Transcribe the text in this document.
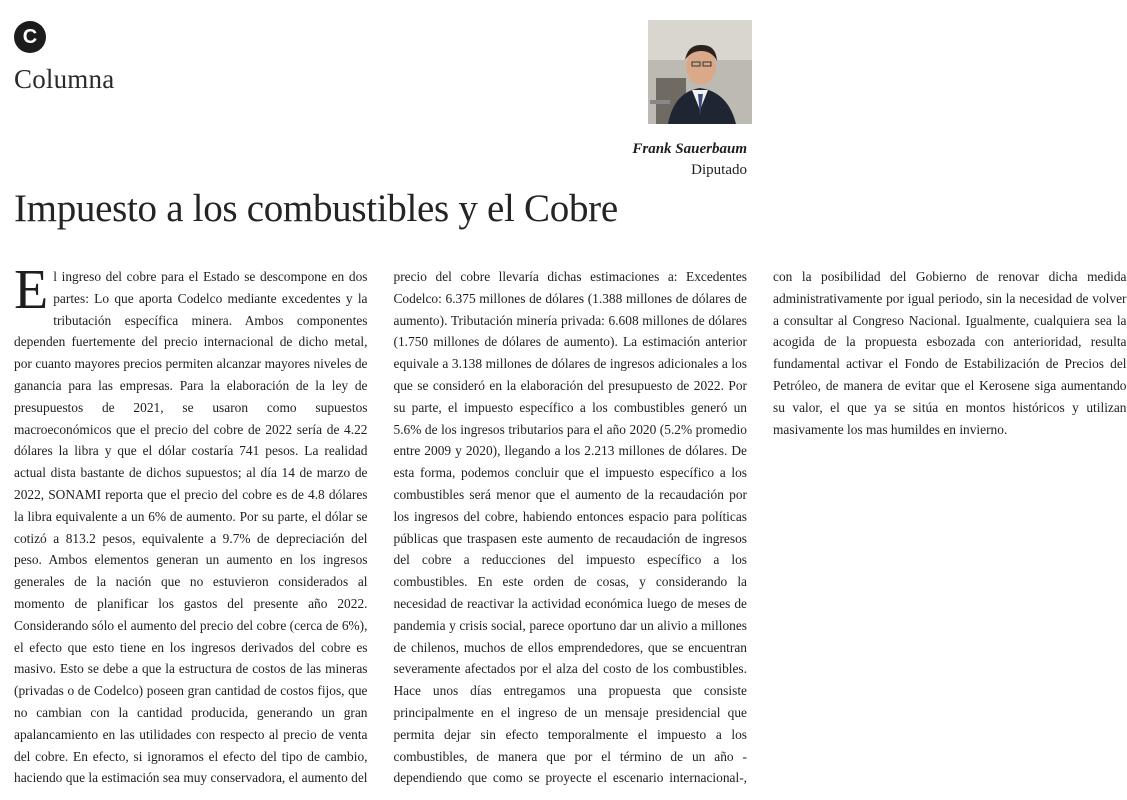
C
Columna
Frank Sauerbaum
Diputado
Impuesto a los combustibles y el Cobre

El ingreso del cobre para el Estado se descompone en dos partes: Lo que aporta Codelco mediante excedentes y la tributación específica minera. Ambos componentes dependen fuertemente del precio internacional de dicho metal, por cuanto mayores precios permiten alcanzar mayores niveles de ganancia para las empresas. Para la elaboración de la ley de presupuestos de 2021, se usaron como supuestos macroeconómicos que el precio del cobre de 2022 sería de 4.22 dólares la libra y que el dólar costaría 741 pesos. La realidad actual dista bastante de dichos supuestos; al día 14 de marzo de 2022, SONAMI reporta que el precio del cobre es de 4.8 dólares la libra equivalente a un 6% de aumento. Por su parte, el dólar se cotizó a 813.2 pesos, equivalente a 9.7% de depreciación del peso. Ambos elementos generan un aumento en los ingresos generales de la nación que no estuvieron considerados al momento de planificar los gastos del presente año 2022. Considerando sólo el aumento del precio del cobre (cerca de 6%), el efecto que esto tiene en los ingresos derivados del cobre es masivo. Esto se debe a que la estructura de costos de las mineras (privadas o de Codelco) poseen gran cantidad de costos fijos, que no cambian con la cantidad producida, generando un gran apalancamiento en las utilidades con respecto al precio de venta del cobre. En efecto, si ignoramos el efecto del tipo de cambio, haciendo que la estimación sea muy conservadora, el aumento del precio del cobre llevaría dichas estimaciones a: Excedentes Codelco: 6.375 millones de dólares (1.388 millones de dólares de aumento). Tributación minería privada: 6.608 millones de dólares (1.750 millones de dólares de aumento). La estimación anterior equivale a 3.138 millones de dólares de ingresos adicionales a los que se consideró en la elaboración del presupuesto de 2022. Por su parte, el impuesto específico a los combustibles generó un 5.6% de los ingresos tributarios para el año 2020 (5.2% promedio entre 2009 y 2020), llegando a los 2.213 millones de dólares. De esta forma, podemos concluir que el impuesto específico a los combustibles será menor que el aumento de la recaudación por los ingresos del cobre, habiendo entonces espacio para políticas públicas que traspasen este aumento de recaudación de ingresos del cobre a reducciones del impuesto específico a los combustibles. En este orden de cosas, y considerando la necesidad de reactivar la actividad económica luego de meses de pandemia y crisis social, parece oportuno dar un alivio a millones de chilenos, muchos de ellos emprendedores, que se encuentran severamente afectados por el alza del costo de los combustibles. Hace unos días entregamos una propuesta que consiste principalmente en el ingreso de un mensaje presidencial que permita dejar sin efecto temporalmente el impuesto a los combustibles, de manera que por el término de un año -dependiendo que como se proyecte el escenario internacional-, con la posibilidad del Gobierno de renovar dicha medida administrativamente por igual periodo, sin la necesidad de volver a consultar al Congreso Nacional. Igualmente, cualquiera sea la acogida de la propuesta esbozada con anterioridad, resulta fundamental activar el Fondo de Estabilización de Precios del Petróleo, de manera de evitar que el Kerosene siga aumentando su valor, el que ya se sitúa en montos históricos y utilizan masivamente los mas humildes en invierno.
